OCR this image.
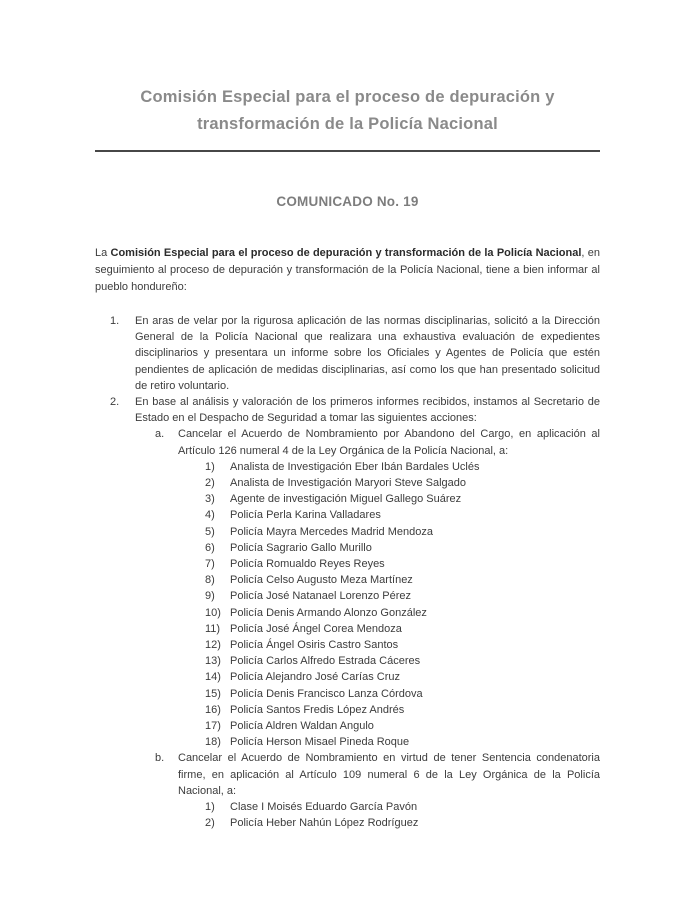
Comisión Especial para el proceso de depuración y
transformación de la Policía Nacional
COMUNICADO No. 19

La Comisión Especial para el proceso de depuración y transformación de la Policía Nacional, en seguimiento al proceso de depuración y transformación de la Policía Nacional, tiene a bien informar al pueblo hondureño:

1.	En aras de velar por la rigurosa aplicación de las normas disciplinarias, solicitó a la Dirección General de la Policía Nacional que realizara una exhaustiva evaluación de expedientes disciplinarios y presentara un informe sobre los Oficiales y Agentes de Policía que estén pendientes de aplicación de medidas disciplinarias, así como los que han presentado solicitud de retiro voluntario.
2.	En base al análisis y valoración de los primeros informes recibidos, instamos al Secretario de Estado en el Despacho de Seguridad a tomar las siguientes acciones:
a.	Cancelar el Acuerdo de Nombramiento por Abandono del Cargo, en aplicación al Artículo 126 numeral 4 de la Ley Orgánica de la Policía Nacional, a:
1)	Analista de Investigación Eber Ibán Bardales Uclés
2)	Analista de Investigación Maryori Steve Salgado
3)	Agente de investigación Miguel Gallego Suárez
4)	Policía Perla Karina Valladares
5)	Policía Mayra Mercedes Madrid Mendoza
6)	Policía Sagrario Gallo Murillo
7)	Policía Romualdo Reyes Reyes
8)	Policía Celso Augusto Meza Martínez
9)	Policía José Natanael Lorenzo Pérez
10) Policía Denis Armando Alonzo González
11) Policía José Ángel Corea Mendoza
12) Policía Ángel Osiris Castro Santos
13) Policía Carlos Alfredo Estrada Cáceres
14) Policía Alejandro José Carías Cruz
15) Policía Denis Francisco Lanza Córdova
16) Policía Santos Fredis López Andrés
17) Policía Aldren Waldan Angulo
18) Policía Herson Misael Pineda Roque
b.	Cancelar el Acuerdo de Nombramiento en virtud de tener Sentencia condenatoria firme, en aplicación al Artículo 109 numeral 6 de la Ley Orgánica de la Policía Nacional, a:
1)	Clase I Moisés Eduardo García Pavón
2)	Policía Heber Nahún López Rodríguez
